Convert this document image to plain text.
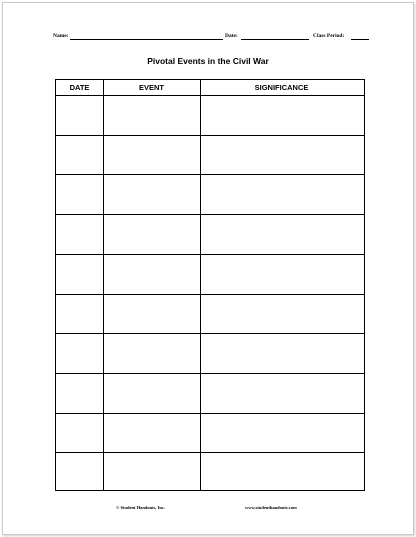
Name:	Date:	Class Period:
Pivotal Events in the Civil War
DATE	EVENT	SIGNIFICANCE
© Student Handouts, Inc.	www.studenthandouts.com
